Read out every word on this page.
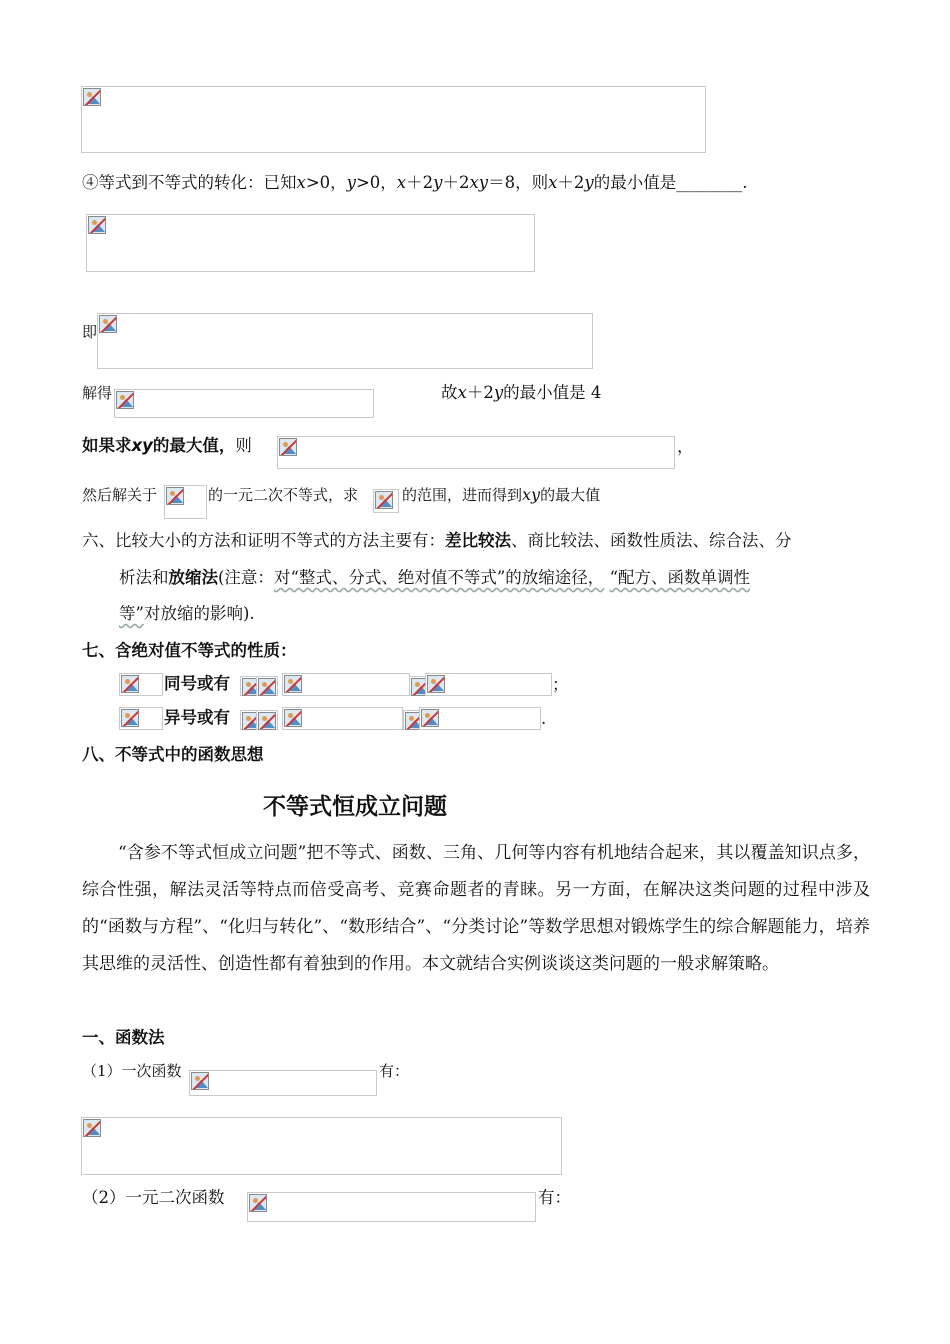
④等式到不等式的转化：已知x>0，y>0，x＋2y＋2xy＝8，则x＋2y的最小值是________.
即
解得	故x＋2y的最小值是 4
如果求xy的最大值，则	，
然后解关于	的一元二次不等式，求	的范围，进而得到xy的最大值
六、比较大小的方法和证明不等式的方法主要有：差比较法、商比较法、函数性质法、综合法、分
析法和放缩法(注意：对“整式、分式、绝对值不等式”的放缩途径， “配方、函数单调性
等”对放缩的影响).
七、含绝对值不等式的性质：
同号或有	；
异号或有	.
八、不等式中的函数思想
不等式恒成立问题
“含参不等式恒成立问题”把不等式、函数、三角、几何等内容有机地结合起来，其以覆盖知识点多，综合性强，解法灵活等特点而倍受高考、竞赛命题者的青睐。另一方面，在解决这类问题的过程中涉及的“函数与方程”、“化归与转化”、“数形结合”、“分类讨论”等数学思想对锻炼学生的综合解题能力，培养其思维的灵活性、创造性都有着独到的作用。本文就结合实例谈谈这类问题的一般求解策略。
一、函数法
（1）一次函数	有：
（2）一元二次函数	有：
